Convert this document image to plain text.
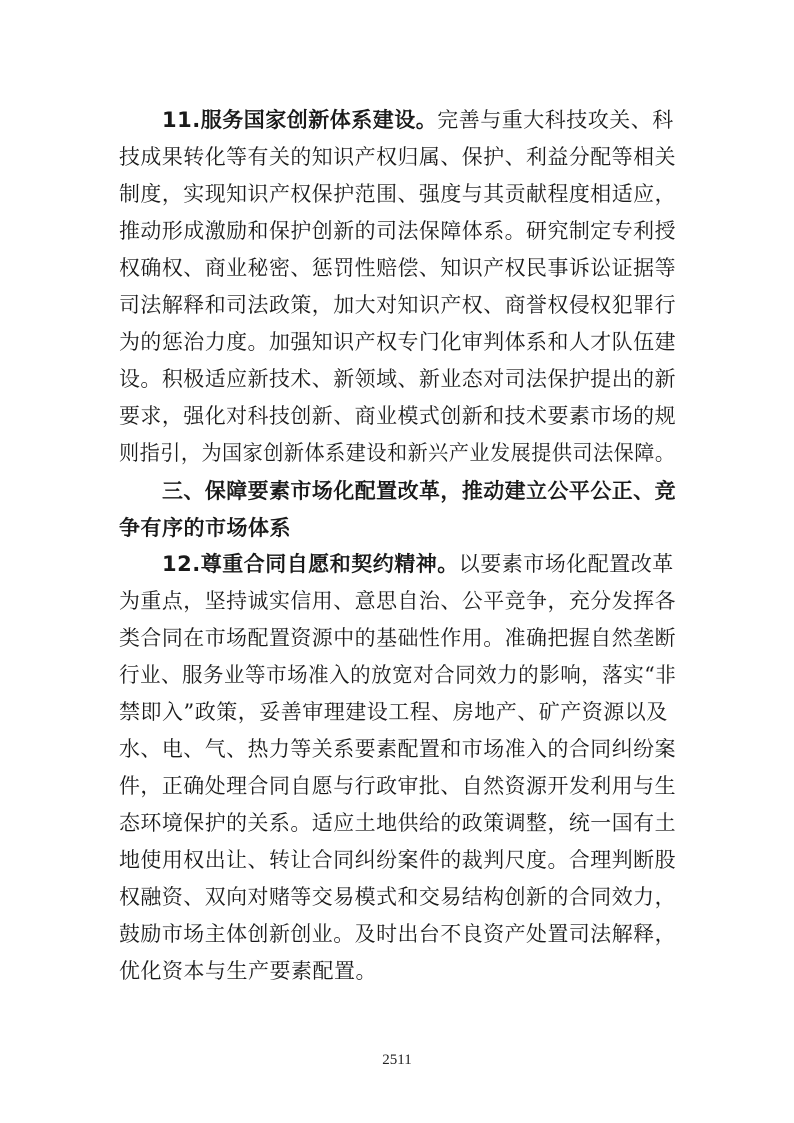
11.服务国家创新体系建设。完善与重大科技攻关、科
技成果转化等有关的知识产权归属、保护、利益分配等相关
制度，实现知识产权保护范围、强度与其贡献程度相适应，
推动形成激励和保护创新的司法保障体系。研究制定专利授
权确权、商业秘密、惩罚性赔偿、知识产权民事诉讼证据等
司法解释和司法政策，加大对知识产权、商誉权侵权犯罪行
为的惩治力度。加强知识产权专门化审判体系和人才队伍建
设。积极适应新技术、新领域、新业态对司法保护提出的新
要求，强化对科技创新、商业模式创新和技术要素市场的规
则指引，为国家创新体系建设和新兴产业发展提供司法保障。
三、保障要素市场化配置改革，推动建立公平公正、竞
争有序的市场体系
12.尊重合同自愿和契约精神。以要素市场化配置改革
为重点，坚持诚实信用、意思自治、公平竞争，充分发挥各
类合同在市场配置资源中的基础性作用。准确把握自然垄断
行业、服务业等市场准入的放宽对合同效力的影响，落实“非
禁即入”政策，妥善审理建设工程、房地产、矿产资源以及
水、电、气、热力等关系要素配置和市场准入的合同纠纷案
件，正确处理合同自愿与行政审批、自然资源开发利用与生
态环境保护的关系。适应土地供给的政策调整，统一国有土
地使用权出让、转让合同纠纷案件的裁判尺度。合理判断股
权融资、双向对赌等交易模式和交易结构创新的合同效力，
鼓励市场主体创新创业。及时出台不良资产处置司法解释，
优化资本与生产要素配置。
2511
